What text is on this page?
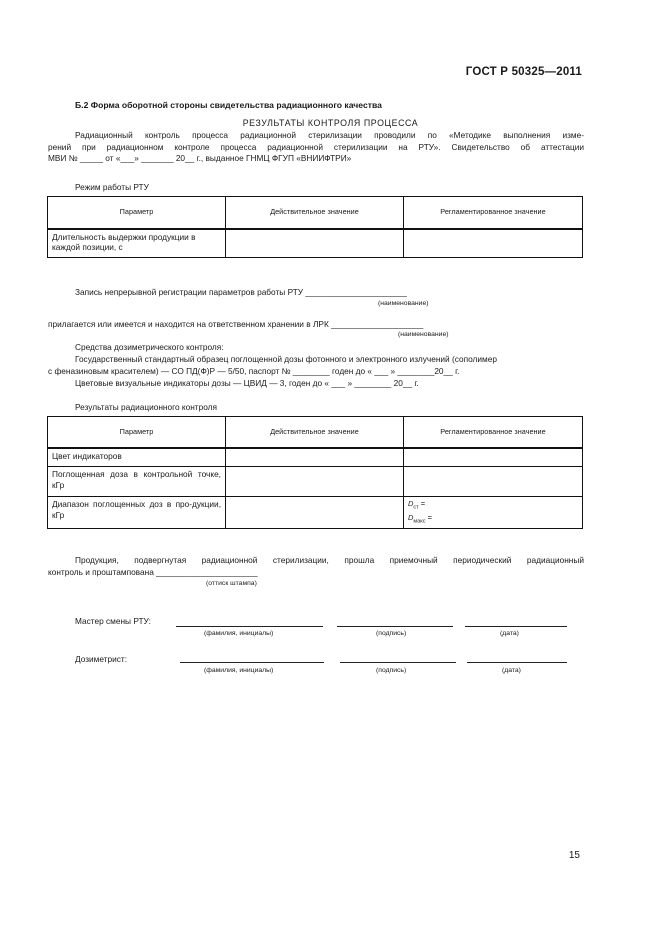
ГОСТ Р 50325—2011
Б.2 Форма оборотной стороны свидетельства радиационного качества
РЕЗУЛЬТАТЫ КОНТРОЛЯ ПРОЦЕССА
Радиационный контроль процесса радиационной стерилизации проводили по «Методике выполнения изме-
рений при радиационном контроле процесса радиационной стерилизации на РТУ». Свидетельство об аттестации
МВИ № _____ от «___» _______ 20__ г., выданное ГНМЦ ФГУП «ВНИИФТРИ»
Режим работы РТУ
Параметр	Действительное значение	Регламентированное значение
Длительность выдержки продукции в каждой позиции, с		
Запись непрерывной регистрации параметров работы РТУ ______________________
(наименование)
прилагается или имеется и находится на ответственном хранении в ЛРК ____________________
(наименование)
Средства дозиметрического контроля:
Государственный стандартный образец поглощенной дозы фотонного и электронного излучений (сополимер
с феназиновым красителем) — СО ПД(Ф)Р — 5/50, паспорт № ________ годен до « ___ » ________20__ г.
Цветовые визуальные индикаторы дозы — ЦВИД — 3, годен до « ___ » ________ 20__ г.
Результаты радиационного контроля
Параметр	Действительное значение	Регламентированное значение
Цвет индикаторов		
Поглощенная доза в контрольной точке, кГр		
Диапазон поглощенных доз в про-дукции, кГр		$D_{ст}$ =
$D_{макс}$ =
Продукция, подвергнутая радиационной стерилизации, прошла приемочный периодический радиационный
контроль и проштампована ______________________
(оттиск штампа)
Мастер смены РТУ:
(фамилия, инициалы)	(подпись)	(дата)
Дозиметрист:
(фамилия, инициалы)	(подпись)	(дата)
15
